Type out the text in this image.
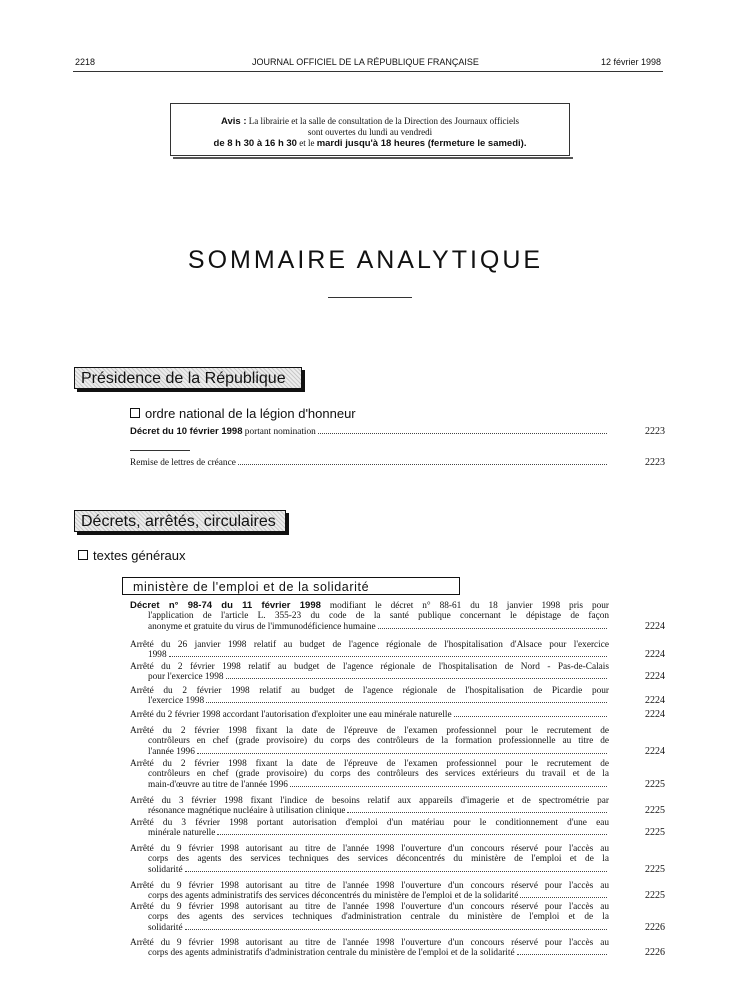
2218	JOURNAL OFFICIEL DE LA RÉPUBLIQUE FRANÇAISE	12 février 1998
Avis : La librairie et la salle de consultation de la Direction des Journaux officiels
sont ouvertes du lundi au vendredi
de 8 h 30 à 16 h 30 et le mardi jusqu'à 18 heures (fermeture le samedi).
SOMMAIRE ANALYTIQUE
Présidence de la République
ordre national de la légion d'honneur
Décret du 10 février 1998 portant nomination	2223
Remise de lettres de créance	2223
Décrets, arrêtés, circulaires
textes généraux
ministère de l'emploi et de la solidarité
Décret n° 98-74 du 11 février 1998 modifiant le décret n° 88-61 du 18 janvier 1998 pris pour
l'application de l'article L. 355-23 du code de la santé publique concernant le dépistage de façon
anonyme et gratuite du virus de l'immunodéficience humaine	2224
Arrêté du 26 janvier 1998 relatif au budget de l'agence régionale de l'hospitalisation d'Alsace pour l'exercice
1998	2224
Arrêté du 2 février 1998 relatif au budget de l'agence régionale de l'hospitalisation de Nord - Pas-de-Calais
pour l'exercice 1998	2224
Arrêté du 2 février 1998 relatif au budget de l'agence régionale de l'hospitalisation de Picardie pour
l'exercice 1998	2224
Arrêté du 2 février 1998 accordant l'autorisation d'exploiter une eau minérale naturelle	2224
Arrêté du 2 février 1998 fixant la date de l'épreuve de l'examen professionnel pour le recrutement de
contrôleurs en chef (grade provisoire) du corps des contrôleurs de la formation professionnelle au titre de
l'année 1996	2224
Arrêté du 2 février 1998 fixant la date de l'épreuve de l'examen professionnel pour le recrutement de
contrôleurs en chef (grade provisoire) du corps des contrôleurs des services extérieurs du travail et de la
main-d'œuvre au titre de l'année 1996	2225
Arrêté du 3 février 1998 fixant l'indice de besoins relatif aux appareils d'imagerie et de spectrométrie par
résonance magnétique nucléaire à utilisation clinique	2225
Arrêté du 3 février 1998 portant autorisation d'emploi d'un matériau pour le conditionnement d'une eau
minérale naturelle	2225
Arrêté du 9 février 1998 autorisant au titre de l'année 1998 l'ouverture d'un concours réservé pour l'accès au
corps des agents des services techniques des services déconcentrés du ministère de l'emploi et de la
solidarité	2225
Arrêté du 9 février 1998 autorisant au titre de l'année 1998 l'ouverture d'un concours réservé pour l'accès au
corps des agents administratifs des services déconcentrés du ministère de l'emploi et de la solidarité	2225
Arrêté du 9 février 1998 autorisant au titre de l'année 1998 l'ouverture d'un concours réservé pour l'accès au
corps des agents des services techniques d'administration centrale du ministère de l'emploi et de la
solidarité	2226
Arrêté du 9 février 1998 autorisant au titre de l'année 1998 l'ouverture d'un concours réservé pour l'accès au
corps des agents administratifs d'administration centrale du ministère de l'emploi et de la solidarité	2226
